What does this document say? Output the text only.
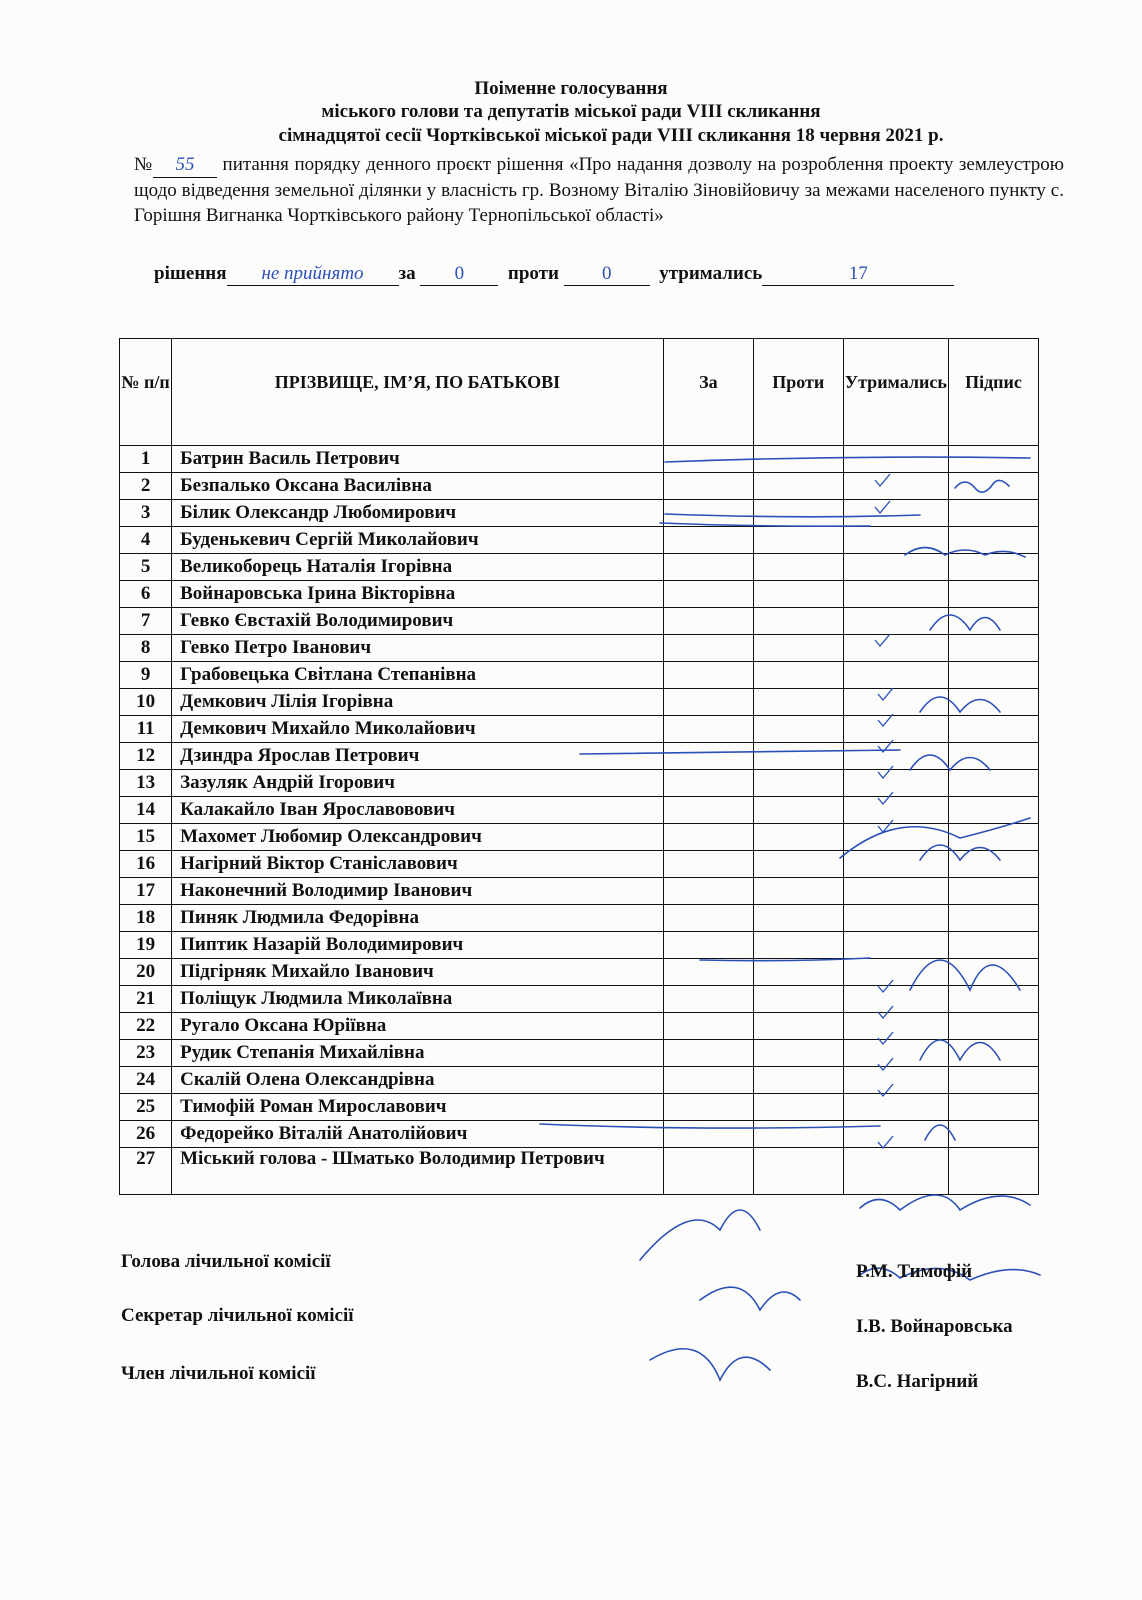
Поіменне голосування
міського голови та депутатів міської ради VIII скликання
сімнадцятої сесії Чортківської міської ради VIII скликання 18 червня 2021 р.
№ 55 питання порядку денного проєкт рішення «Про надання дозволу на розроблення проекту землеустрою щодо відведення земельної ділянки у власність гр. Возному Віталію Зіновійовичу за межами населеного пункту с. Горішня Вигнанка Чортківського району Тернопільської області»
рішення не прийнято за 0 проти 0	утримались	17
№ п/п	ПРІЗВИЩЕ, ІМ’Я, ПО БАТЬКОВІ	За	Проти	Утримались	Підпис
1	Батрин Василь Петрович				
2	Безпалько Оксана Василівна				
3	Білик Олександр Любомирович				
4	Буденькевич Сергій Миколайович				
5	Великоборець Наталія Ігорівна				
6	Войнаровська Ірина Вікторівна				
7	Гевко Євстахій Володимирович				
8	Гевко Петро Іванович				
9	Грабовецька Світлана Степанівна				
10	Демкович Лілія Ігорівна				
11	Демкович Михайло Миколайович				
12	Дзиндра Ярослав Петрович				
13	Зазуляк Андрій Ігорович				
14	Калакайло Іван Ярославовович				
15	Махомет Любомир Олександрович				
16	Нагірний Віктор Станіславович				
17	Наконечний Володимир Іванович				
18	Пиняк Людмила Федорівна				
19	Пиптик Назарій Володимирович				
20	Підгірняк Михайло Іванович				
21	Поліщук Людмила Миколаївна				
22	Ругало Оксана Юріївна				
23	Рудик Степанія Михайлівна				
24	Скалій Олена Олександрівна				
25	Тимофій Роман Мирославович				
26	Федорейко Віталій Анатолійович				
27	Міський голова - Шматько Володимир Петрович				
Голова лічильної комісії
Секретар лічильної комісії
Член лічильної комісії
Р.М. Тимофій
І.В. Войнаровська
В.С. Нагірний
